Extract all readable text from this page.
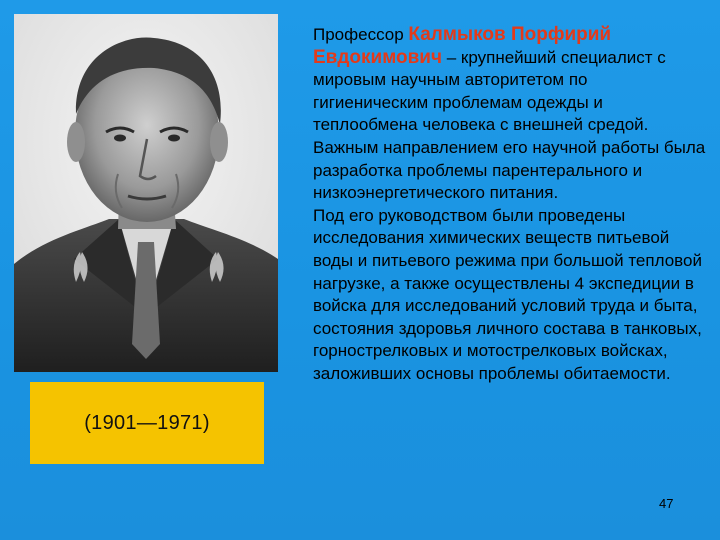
(1901—1971)

Профессор Калмыков Порфирий Евдокимович – крупнейший специалист с мировым научным авторитетом по гигиеническим проблемам одежды и теплообмена человека с внешней средой.

Важным направлением его научной работы была разработка проблемы парентерального и низкоэнергетического питания.

Под его руководством были проведены исследования химических веществ питьевой воды и питьевого режима при большой тепловой нагрузке, а также осуществлены 4 экспедиции в войска для исследований условий труда и быта, состояния здоровья личного состава в танковых, горнострелковых и мотострелковых войсках, заложивших основы проблемы обитаемости.

47
